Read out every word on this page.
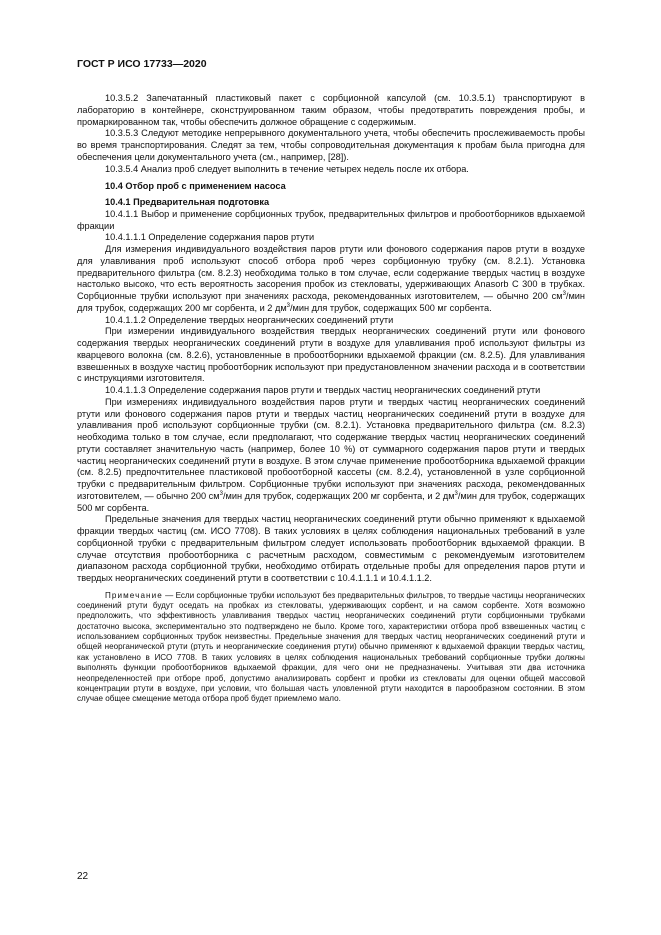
ГОСТ Р ИСО 17733—2020

10.3.5.2 Запечатанный пластиковый пакет с сорбционной капсулой (см. 10.3.5.1) транспортируют в лабораторию в контейнере, сконструированном таким образом, чтобы предотвратить повреждения пробы, и промаркированном так, чтобы обеспечить должное обращение с содержимым.

10.3.5.3 Следуют методике непрерывного документального учета, чтобы обеспечить прослеживаемость пробы во время транспортирования. Следят за тем, чтобы сопроводительная документация к пробам была пригодна для обеспечения цели документального учета (см., например, [28]).

10.3.5.4 Анализ проб следует выполнить в течение четырех недель после их отбора.

10.4 Отбор проб с применением насоса

10.4.1 Предварительная подготовка

10.4.1.1 Выбор и применение сорбционных трубок, предварительных фильтров и пробоотборников вдыхаемой фракции

10.4.1.1.1 Определение содержания паров ртути

Для измерения индивидуального воздействия паров ртути или фонового содержания паров ртути в воздухе для улавливания проб используют способ отбора проб через сорбционную трубку (см. 8.2.1). Установка предварительного фильтра (см. 8.2.3) необходима только в том случае, если содержание твердых частиц в воздухе настолько высоко, что есть вероятность засорения пробок из стекловаты, удерживающих Anasorb С 300 в трубках. Сорбционные трубки используют при значениях расхода, рекомендованных изготовителем, — обычно 200 $см^3$/мин для трубок, содержащих 200 мг сорбента, и 2 $дм^3$/мин для трубок, содержащих 500 мг сорбента.

10.4.1.1.2 Определение твердых неорганических соединений ртути

При измерении индивидуального воздействия твердых неорганических соединений ртути или фонового содержания твердых неорганических соединений ртути в воздухе для улавливания проб используют фильтры из кварцевого волокна (см. 8.2.6), установленные в пробоотборники вдыхаемой фракции (см. 8.2.5). Для улавливания взвешенных в воздухе частиц пробоотборник используют при предустановленном значении расхода и в соответствии с инструкциями изготовителя.

10.4.1.1.3 Определение содержания паров ртути и твердых частиц неорганических соединений ртути

При измерениях индивидуального воздействия паров ртути и твердых частиц неорганических соединений ртути или фонового содержания паров ртути и твердых частиц неорганических соединений ртути в воздухе для улавливания проб используют сорбционные трубки (см. 8.2.1). Установка предварительного фильтра (см. 8.2.3) необходима только в том случае, если предполагают, что содержание твердых частиц неорганических соединений ртути составляет значительную часть (например, более 10 %) от суммарного содержания паров ртути и твердых частиц неорганических соединений ртути в воздухе. В этом случае применение пробоотборника вдыхаемой фракции (см. 8.2.5) предпочтительнее пластиковой пробоотборной кассеты (см. 8.2.4), установленной в узле сорбционной трубки с предварительным фильтром. Сорбционные трубки используют при значениях расхода, рекомендованных изготовителем, — обычно 200 $см^3$/мин для трубок, содержащих 200 мг сорбента, и 2 $дм^3$/мин для трубок, содержащих 500 мг сорбента.

Предельные значения для твердых частиц неорганических соединений ртути обычно применяют к вдыхаемой фракции твердых частиц (см. ИСО 7708). В таких условиях в целях соблюдения национальных требований в узле сорбционной трубки с предварительным фильтром следует использовать пробоотборник вдыхаемой фракции. В случае отсутствия пробоотборника с расчетным расходом, совместимым с рекомендуемым изготовителем диапазоном расхода сорбционной трубки, необходимо отбирать отдельные пробы для определения паров ртути и твердых неорганических соединений ртути в соответствии с 10.4.1.1.1 и 10.4.1.1.2.

Примечание — Если сорбционные трубки используют без предварительных фильтров, то твердые частицы неорганических соединений ртути будут оседать на пробках из стекловаты, удерживающих сорбент, и на самом сорбенте. Хотя возможно предположить, что эффективность улавливания твердых частиц неорганических соединений ртути сорбционными трубками достаточно высока, экспериментально это подтверждено не было. Кроме того, характеристики отбора проб взвешенных частиц с использованием сорбционных трубок неизвестны. Предельные значения для твердых частиц неорганических соединений ртути и общей неорганической ртути (ртуть и неорганические соединения ртути) обычно применяют к вдыхаемой фракции твердых частиц, как установлено в ИСО 7708. В таких условиях в целях соблюдения национальных требований сорбционные трубки должны выполнять функции пробоотборников вдыхаемой фракции, для чего они не предназначены. Учитывая эти два источника неопределенностей при отборе проб, допустимо анализировать сорбент и пробки из стекловаты для оценки общей массовой концентрации ртути в воздухе, при условии, что большая часть уловленной ртути находится в парообразном состоянии. В этом случае общее смещение метода отбора проб будет приемлемо мало.

22
